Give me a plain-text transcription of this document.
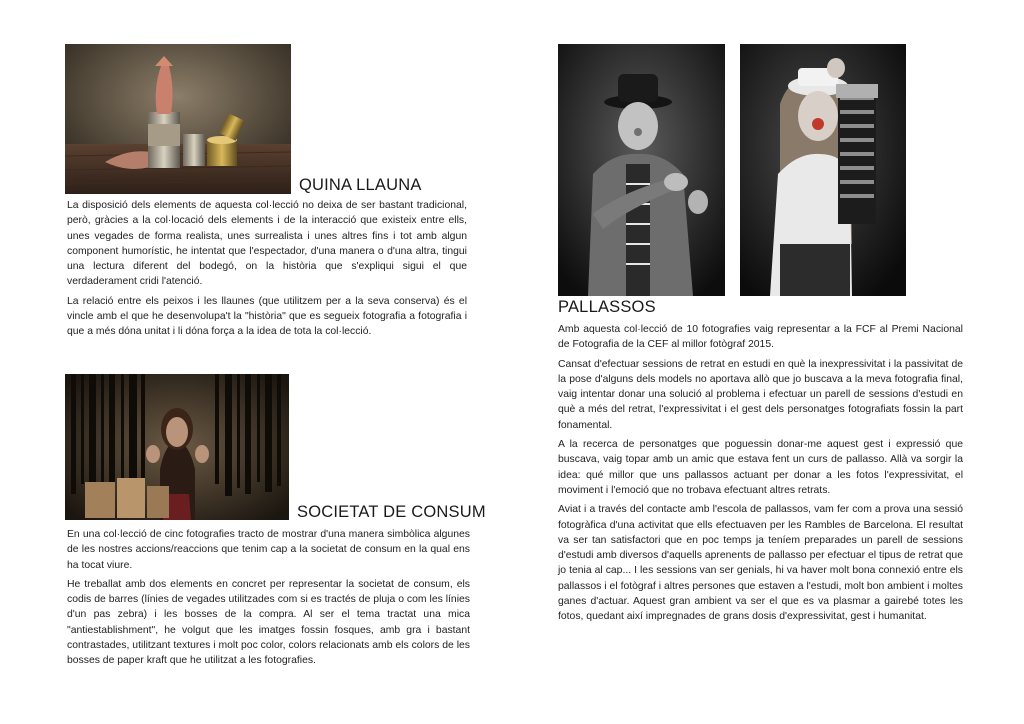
QUINA LLAUNA

La disposició dels elements de aquesta col·lecció no deixa de ser bastant tradicional, però, gràcies a la col·locació dels elements i de la interacció que existeix entre ells, unes vegades de forma realista, unes surrealista i unes altres fins i tot amb algun component humorístic, he intentat que l'espectador, d'una manera o d'una altra, tingui una lectura diferent del bodegó, on la història que s'expliqui sigui el que verdaderament cridi l'atenció.

La relació entre els peixos i les llaunes (que utilitzem per a la seva conserva) és el vincle amb el que he desenvolupa't la "història" que es segueix fotografia a fotografia i que a més dóna unitat i li dóna força a la idea de tota la col·lecció.

SOCIETAT DE CONSUM

En una col·lecció de cinc fotografies tracto de mostrar d'una manera simbòlica algunes de les nostres accions/reaccions que tenim cap a la societat de consum en la qual ens ha tocat viure.

He treballat amb dos elements en concret per representar la societat de consum, els codis de barres (línies de vegades utilitzades com si es tractés de pluja o com les línies d'un pas zebra) i les bosses de la compra. Al ser el tema tractat una mica "antiestablishment", he volgut que les imatges fossin fosques, amb gra i bastant contrastades, utilitzant textures i molt poc color, colors relacionats amb els colors de les bosses de paper kraft que he utilitzat a les fotografies.

PALLASSOS

Amb aquesta col·lecció de 10 fotografies vaig representar a la FCF al Premi Nacional de Fotografia de la CEF al millor fotògraf 2015.

Cansat d'efectuar sessions de retrat en estudi en què la inexpressivitat i la passivitat de la pose d'alguns dels models no aportava allò que jo buscava a la meva fotografia final, vaig intentar donar una solució al problema i efectuar un parell de sessions d'estudi en què a més del retrat, l'expressivitat i el gest dels personatges fotografiats fossin la part fonamental.

A la recerca de personatges que poguessin donar-me aquest gest i expressió que buscava, vaig topar amb un amic que estava fent un curs de pallasso. Allà va sorgir la idea: qué millor que uns pallassos actuant per donar a les fotos l'expressivitat, el moviment i l'emoció que no trobava efectuant altres retrats.

Aviat i a través del contacte amb l'escola de pallassos, vam fer com a prova una sessió fotogràfica d'una activitat que ells efectuaven per les Rambles de Barcelona. El resultat va ser tan satisfactori que en poc temps ja teníem preparades un parell de sessions d'estudi amb diversos d'aquells aprenents de pallasso per efectuar el tipus de retrat que jo tenia al cap... I les sessions van ser genials, hi va haver molt bona connexió entre els pallassos i el fotògraf i altres persones que estaven a l'estudi, molt bon ambient i moltes ganes d'actuar. Aquest gran ambient va ser el que es va plasmar a gairebé totes les fotos, quedant així impregnades de grans dosis d'expressivitat, gest i humanitat.
